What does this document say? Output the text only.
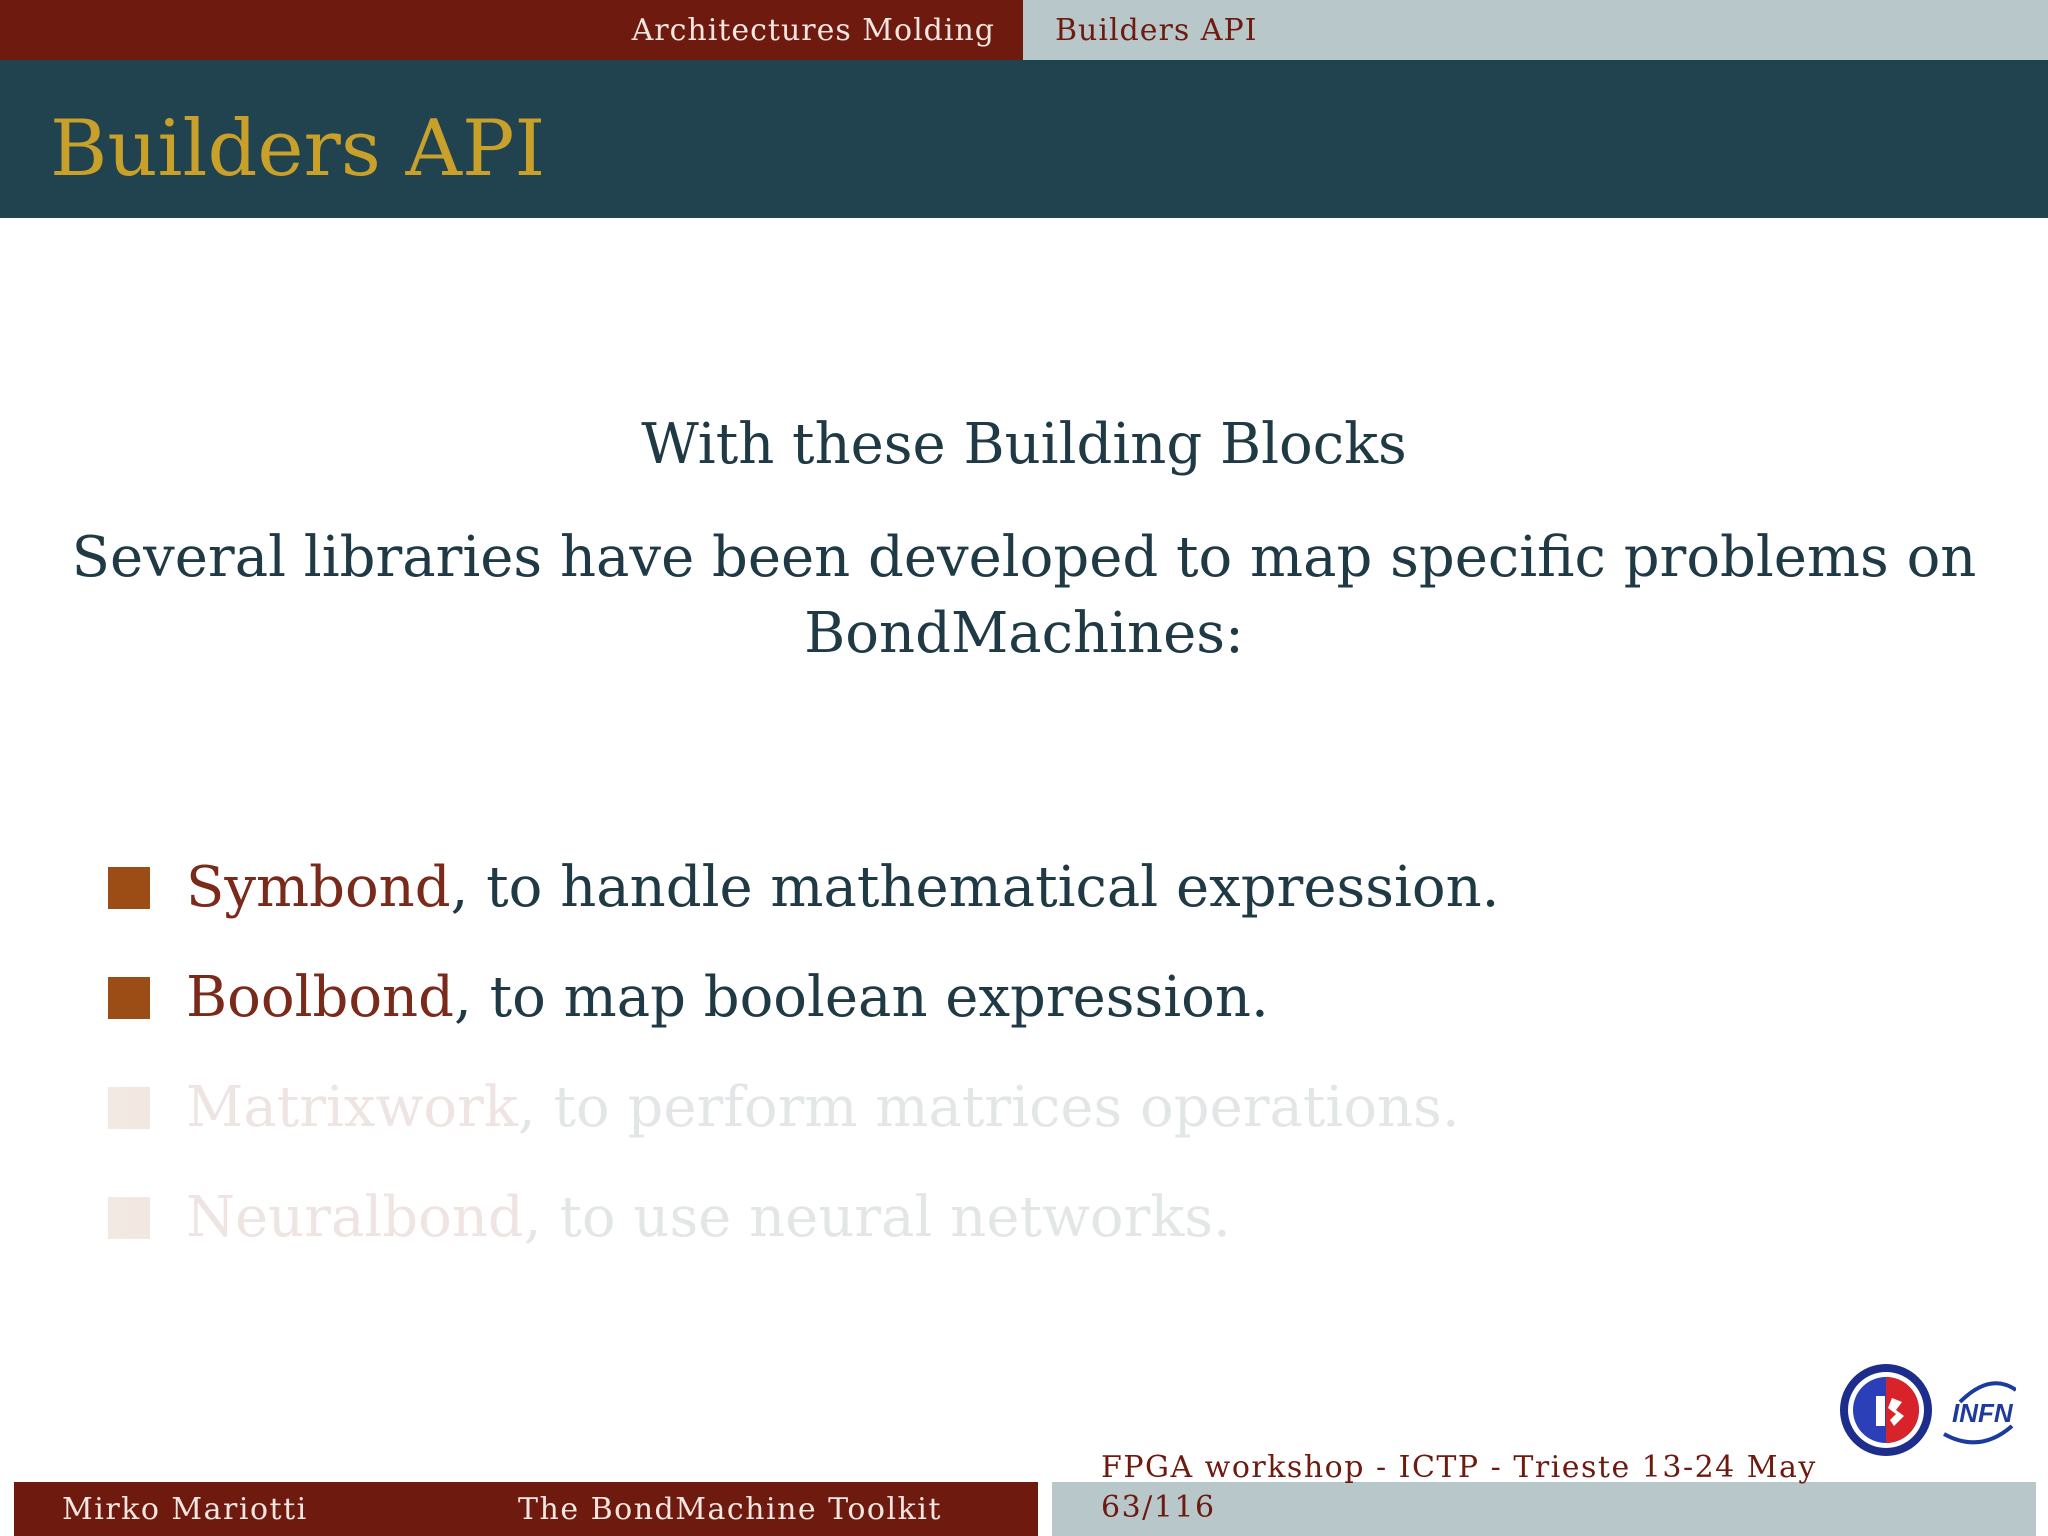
Architectures Molding Builders API
Builders API
With these Building Blocks
Several libraries have been developed to map specific problems on
BondMachines:
Symbond , to handle mathematical expression.
Boolbond , to map boolean expression.
Matrixwork , to perform matrices operations.
Neuralbond , to use neural networks.
INFN
Mirko Mariotti	The BondMachine Toolkit
FPGA workshop - ICTP - Trieste 13-24 May
63/116
